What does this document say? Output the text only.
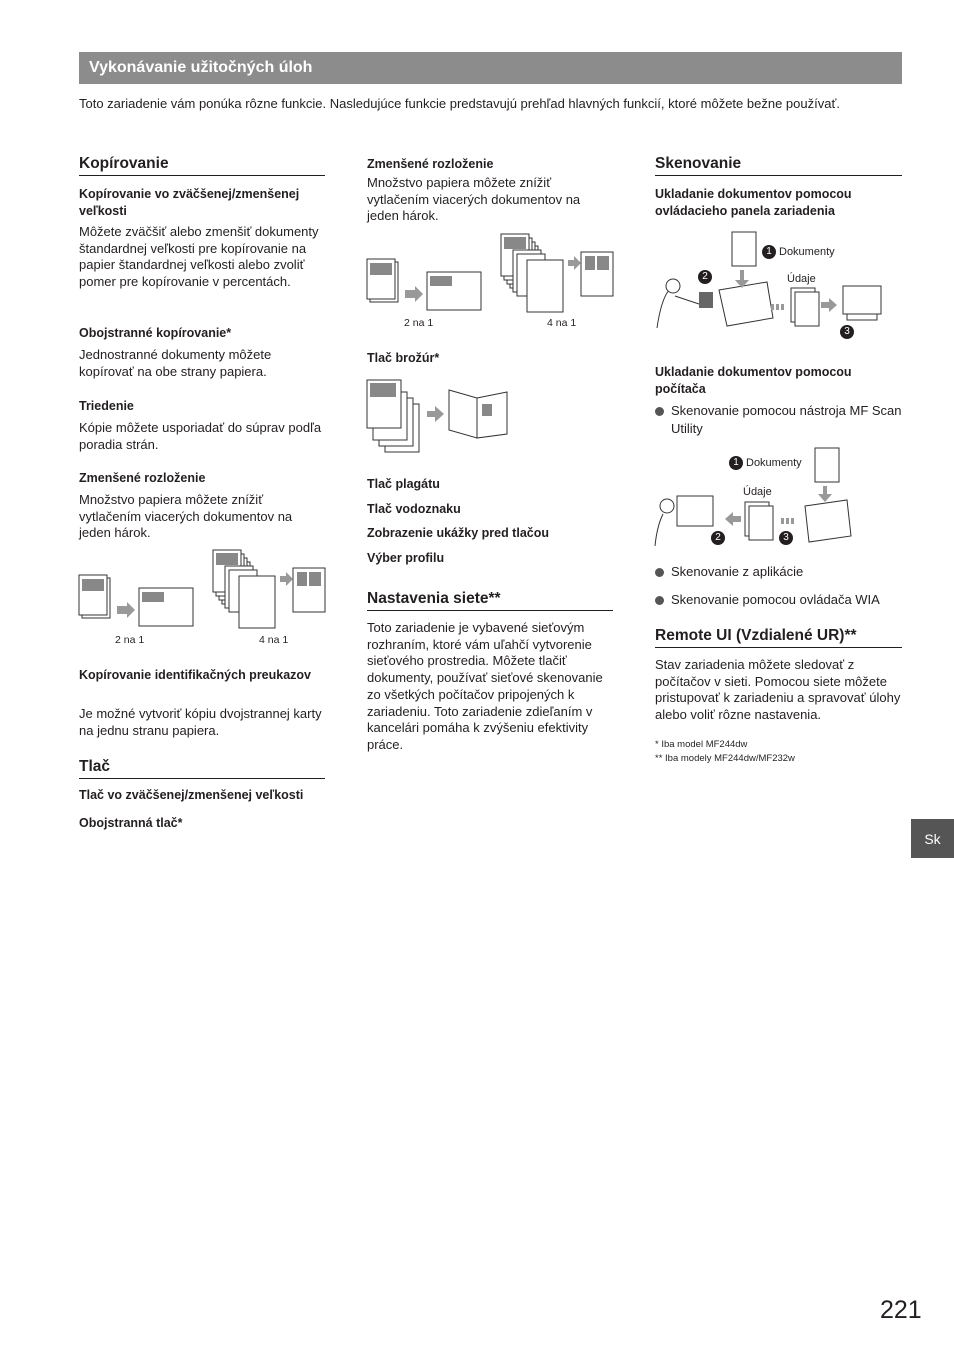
Vykonávanie užitočných úloh
Toto zariadenie vám ponúka rôzne funkcie. Nasledujúce funkcie predstavujú prehľad hlavných funkcií, ktoré môžete bežne používať.
Kopírovanie
Kopírovanie vo zväčšenej/zmenšenej veľkosti
Môžete zväčšiť alebo zmenšiť dokumenty štandardnej veľkosti pre kopírovanie na papier štandardnej veľkosti alebo zvoliť pomer pre kopírovanie v percentách.
Obojstranné kopírovanie*
Jednostranné dokumenty môžete kopírovať na obe strany papiera.
Triedenie
Kópie môžete usporiadať do súprav podľa poradia strán.
Zmenšené rozloženie
Množstvo papiera môžete znížiť vytlačením viacerých dokumentov na jeden hárok.
2 na 1	4 na 1
Kopírovanie identifikačných preukazov
Je možné vytvoriť kópiu dvojstrannej karty na jednu stranu papiera.
Tlač
Tlač vo zväčšenej/zmenšenej veľkosti
Obojstranná tlač*
Zmenšené rozloženie
Množstvo papiera môžete znížiť vytlačením viacerých dokumentov na jeden hárok.
2 na 1	4 na 1
Tlač brožúr*
Tlač plagátu
Tlač vodoznaku
Zobrazenie ukážky pred tlačou
Výber profilu
Nastavenia siete**
Toto zariadenie je vybavené sieťovým rozhraním, ktoré vám uľahčí vytvorenie sieťového prostredia. Môžete tlačiť dokumenty, používať sieťové skenovanie zo všetkých počítačov pripojených k zariadeniu. Toto zariadenie zdieľaním v kancelári pomáha k zvýšeniu efektivity práce.
Skenovanie
Ukladanie dokumentov pomocou ovládacieho panela zariadenia
Dokumenty
Údaje
Ukladanie dokumentov pomocou počítača
Skenovanie pomocou nástroja MF Scan Utility
Dokumenty
Údaje
1
2
3
1
2	3
Skenovanie z aplikácie
Skenovanie pomocou ovládača WIA
Remote UI (Vzdialené UR)**
Stav zariadenia môžete sledovať z počítačov v sieti. Pomocou siete môžete pristupovať k zariadeniu a spravovať úlohy alebo voliť rôzne nastavenia.
* Iba model MF244dw
** Iba modely MF244dw/MF232w
Sk
221
